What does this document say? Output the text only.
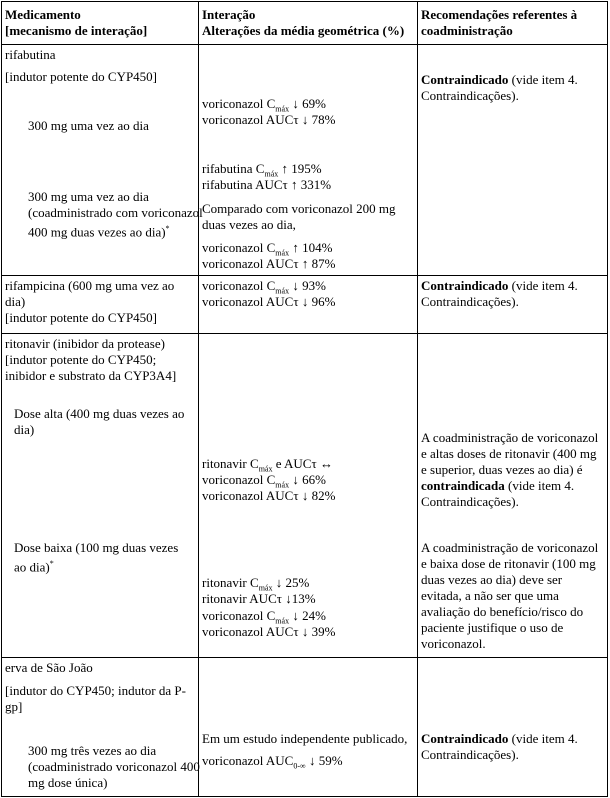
Medicamento
[mecanismo de interação]
Interação
Alterações da média geométrica (%)
Recomendações referentes à
coadministração
rifabutina
[indutor potente do CYP450]
300 mg uma vez ao dia
300 mg uma vez ao dia
(coadministrado com voriconazol
400 mg duas vezes ao dia)*
voriconazol $C_{máx}$ ↓ 69%
voriconazol AUCτ ↓ 78%
rifabutina $C_{máx}$ ↑ 195%
rifabutina AUCτ ↑ 331%
Comparado com voriconazol 200 mg
duas vezes ao dia,
voriconazol $C_{máx}$ ↑ 104%
voriconazol AUCτ ↑ 87%
Contraindicado (vide item 4.
Contraindicações).
rifampicina (600 mg uma vez ao
dia)
[indutor potente do CYP450]
voriconazol $C_{máx}$ ↓ 93%
voriconazol AUCτ ↓ 96%
Contraindicado (vide item 4.
Contraindicações).
ritonavir (inibidor da protease)
[indutor potente do CYP450;
inibidor e substrato da CYP3A4]
Dose alta (400 mg duas vezes ao
dia)
Dose baixa (100 mg duas vezes
ao dia)*
ritonavir $C_{máx}$ e AUCτ ↔
voriconazol $C_{máx}$ ↓ 66%
voriconazol AUCτ ↓ 82%
ritonavir $C_{máx}$ ↓ 25%
ritonavir AUCτ ↓13%
voriconazol $C_{máx}$ ↓ 24%
voriconazol AUCτ ↓ 39%
A coadministração de voriconazol
e altas doses de ritonavir (400 mg
e superior, duas vezes ao dia) é
contraindicada (vide item 4.
Contraindicações).
A coadministração de voriconazol
e baixa dose de ritonavir (100 mg
duas vezes ao dia) deve ser
evitada, a não ser que uma
avaliação do benefício/risco do
paciente justifique o uso de
voriconazol.
erva de São João
[indutor do CYP450; indutor da P-
gp]
300 mg três vezes ao dia
(coadministrado voriconazol 400
mg dose única)
Em um estudo independente publicado,
voriconazol $AUC_{0-\infty}$ ↓ 59%
Contraindicado (vide item 4.
Contraindicações).
